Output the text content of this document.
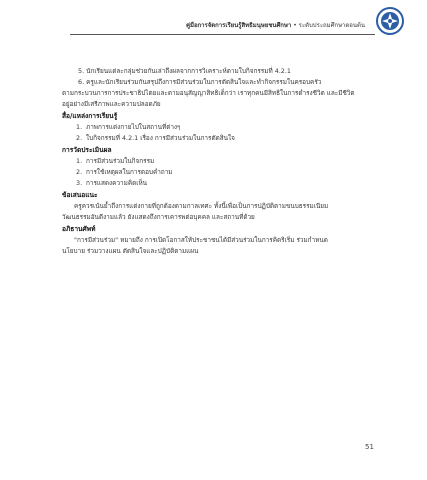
คู่มือการจัดการเรียนรู้สิทธิมนุษยชนศึกษา • ระดับประถมศึกษาตอนต้น

5. นักเรียนแต่ละกลุ่มช่วยกันเล่าถึงผลจากการวิเคราะห์ตามใบกิจกรรมที่ 4.2.1

6. ครูและนักเรียนร่วมกันสรุปถึงการมีส่วนร่วมในการตัดสินใจและทำกิจกรรมในครอบครัว

ตามกระบวนการการประชาธิปไตยและตามอนุสัญญาสิทธิเด็กว่า เราทุกคนมีสิทธิในการดำรงชีวิต และมีชีวิต

อยู่อย่างมีเสรีภาพและความปลอดภัย

สื่อ/แหล่งการเรียนรู้

1. ภาพการแต่งกายไปในสถานที่ต่างๆ

2. ใบกิจกรรมที่ 4.2.1 เรื่อง การมีส่วนร่วมในการตัดสินใจ

การวัดประเมินผล

1. การมีส่วนร่วมในกิจกรรม

2. การใช้เหตุผลในการตอบคำถาม

3. การแสดงความคิดเห็น

ข้อเสนอแนะ

ครูควรเน้นย้ำถึงการแต่งกายที่ถูกต้องตามกาลเทศะ ทั้งนี้เพื่อเป็นการปฏิบัติตามขนบธรรมเนียม

วัฒนธรรมอันดีงามแล้ว ยังแสดงถึงการเคารพต่อบุคคล และสถานที่ด้วย

อภิธานศัพท์

"การมีส่วนร่วม" หมายถึง การเปิดโอกาสให้ประชาชนได้มีส่วนร่วมในการคิดริเริ่ม ร่วมกำหนด

นโยบาย ร่วมวางแผน ตัดสินใจและปฏิบัติตามแผน

51
